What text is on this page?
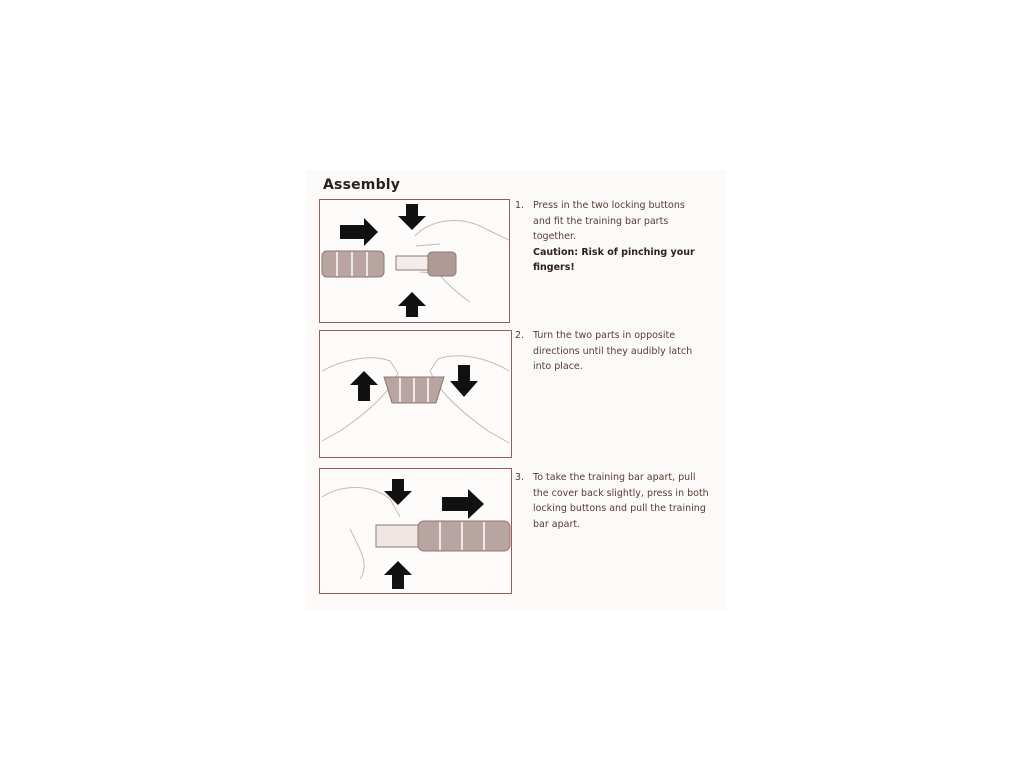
Assembly
1. Press in the two locking buttons
and fit the training bar parts
together.
Caution: Risk of pinching your
fingers!
2. Turn the two parts in opposite
directions until they audibly latch
into place.
3. To take the training bar apart, pull
the cover back slightly, press in both
locking buttons and pull the training
bar apart.
